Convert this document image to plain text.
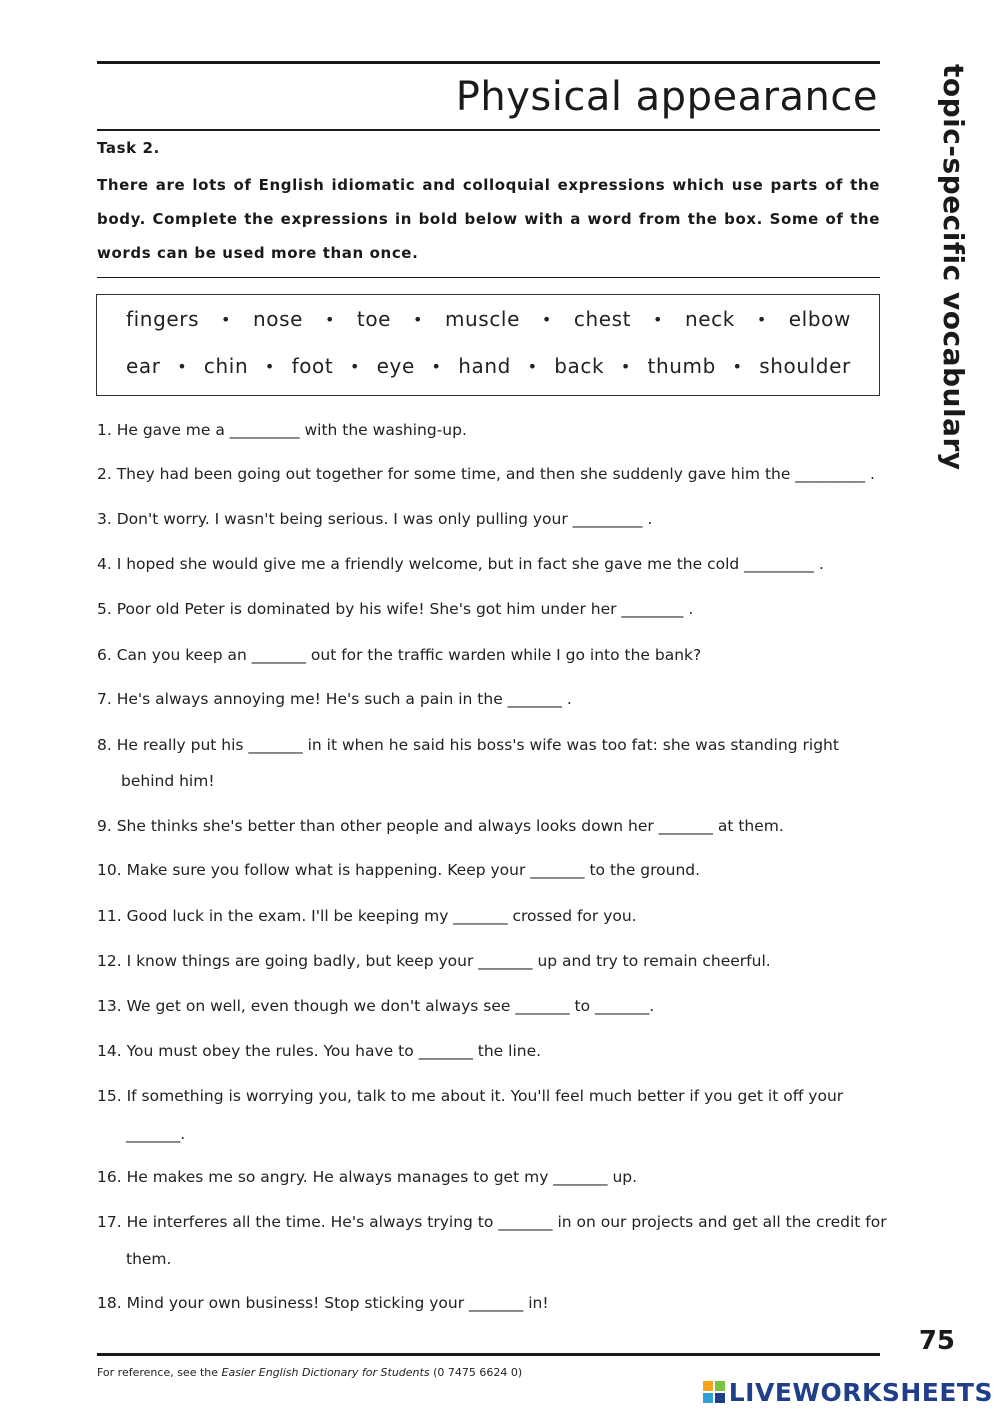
Physical appearance topic-specific vocabulary
Task 2.
There are lots of English idiomatic and colloquial expressions which use parts of the body. Complete the expressions in bold below with a word from the box. Some of the words can be used more than once.
fingers • nose • toe • muscle • chest • neck • elbow
ear • chin • foot • eye • hand • back • thumb • shoulder
1. He gave me a _________ with the washing-up.
2. They had been going out together for some time, and then she suddenly gave him the _________ .
3. Don't worry. I wasn't being serious. I was only pulling your _________ .
4. I hoped she would give me a friendly welcome, but in fact she gave me the cold _________ .
5. Poor old Peter is dominated by his wife! She's got him under her ________ .
6. Can you keep an _______ out for the traffic warden while I go into the bank?
7. He's always annoying me! He's such a pain in the _______ .
8. He really put his _______ in it when he said his boss's wife was too fat: she was standing right
behind him!
9. She thinks she's better than other people and always looks down her _______ at them.
10. Make sure you follow what is happening. Keep your _______ to the ground.
11. Good luck in the exam. I'll be keeping my _______ crossed for you.
12. I know things are going badly, but keep your _______ up and try to remain cheerful.
13. We get on well, even though we don't always see _______ to _______.
14. You must obey the rules. You have to _______ the line.
15. If something is worrying you, talk to me about it. You'll feel much better if you get it off your
_______.
16. He makes me so angry. He always manages to get my _______ up.
17. He interferes all the time. He's always trying to _______ in on our projects and get all the credit for
them.
18. Mind your own business! Stop sticking your _______ in!
75
For reference, see the Easier English Dictionary for Students (0 7475 6624 0)
LIVEWORKSHEETS
